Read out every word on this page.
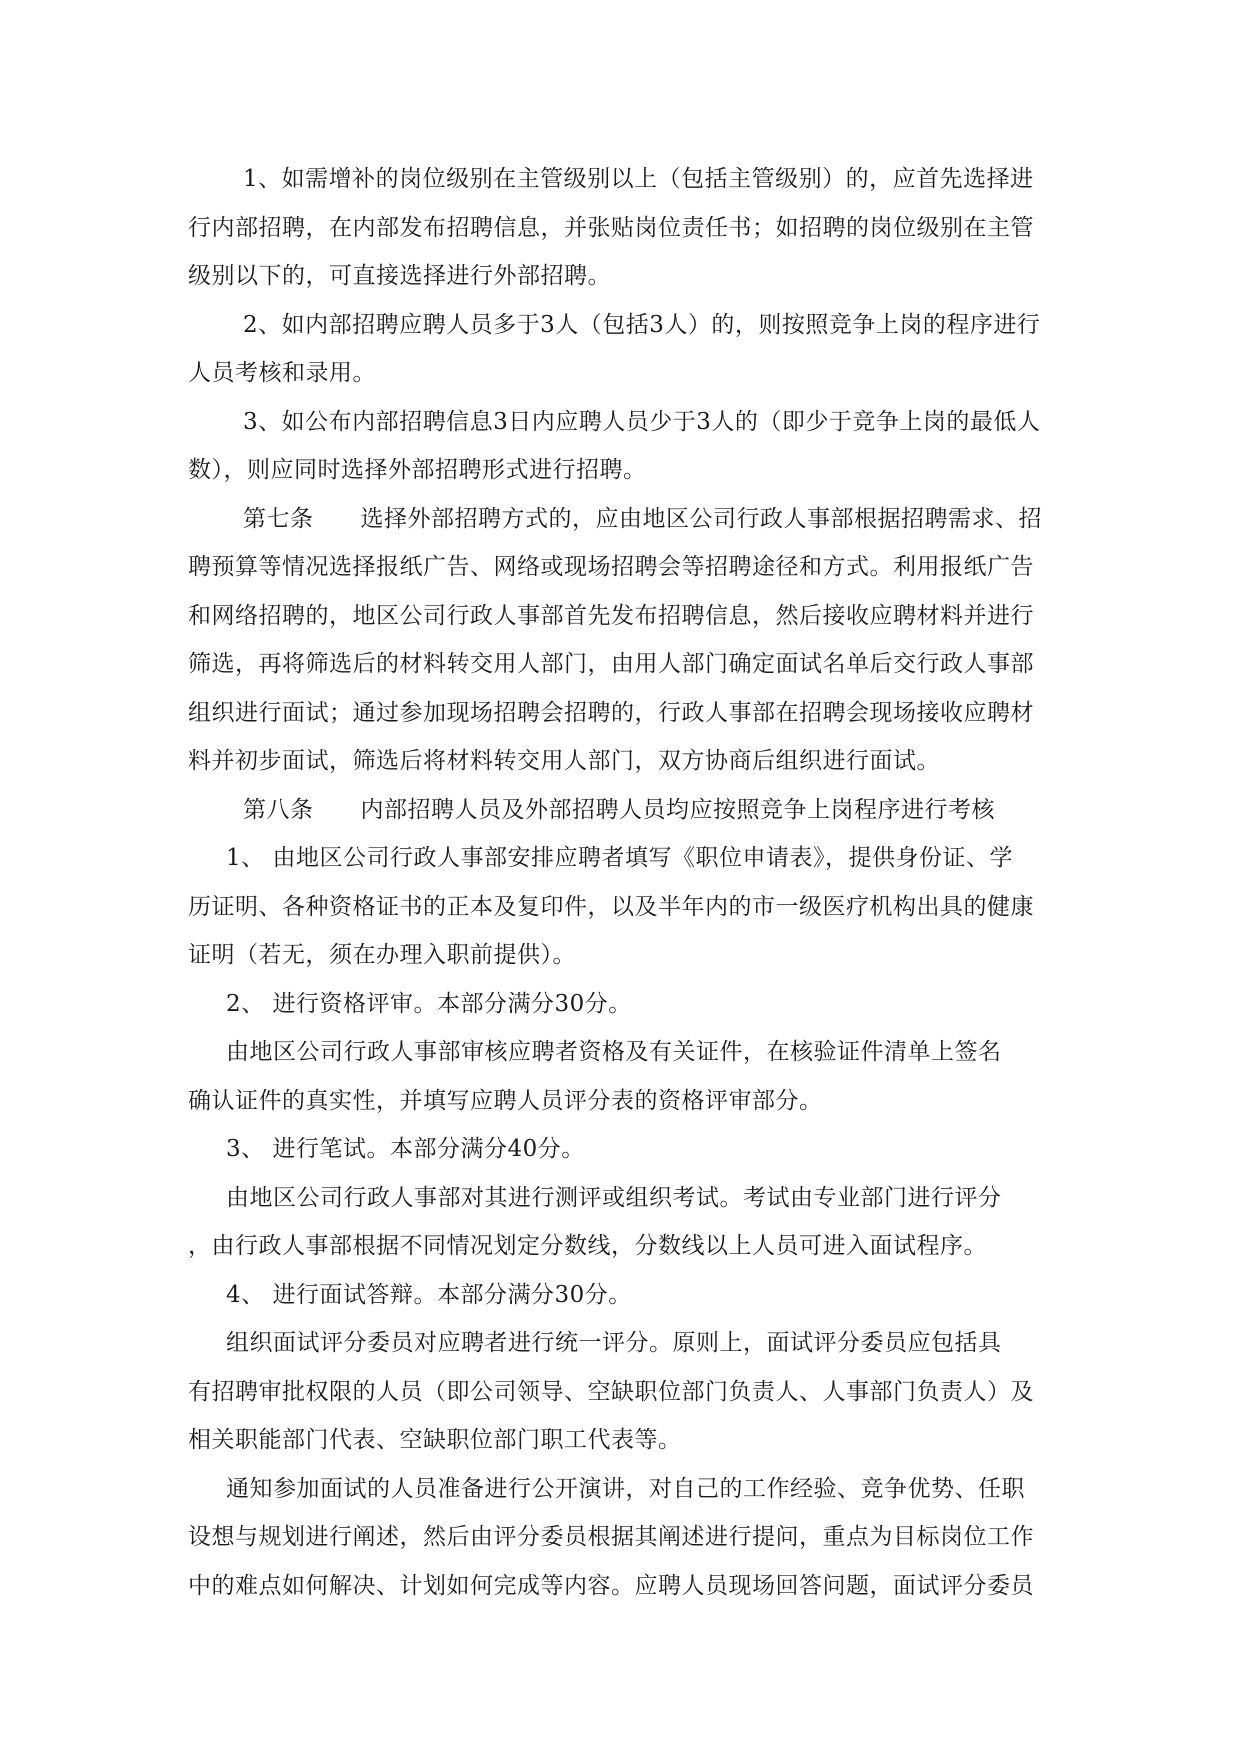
1、如需增补的岗位级别在主管级别以上（包括主管级别）的，应首先选择进

行内部招聘，在内部发布招聘信息，并张贴岗位责任书；如招聘的岗位级别在主管

级别以下的，可直接选择进行外部招聘。

2、如内部招聘应聘人员多于3人（包括3人）的，则按照竞争上岗的程序进行

人员考核和录用。

3、如公布内部招聘信息3日内应聘人员少于3人的（即少于竞争上岗的最低人

数），则应同时选择外部招聘形式进行招聘。

第七条　　选择外部招聘方式的，应由地区公司行政人事部根据招聘需求、招

聘预算等情况选择报纸广告、网络或现场招聘会等招聘途径和方式。利用报纸广告

和网络招聘的，地区公司行政人事部首先发布招聘信息，然后接收应聘材料并进行

筛选，再将筛选后的材料转交用人部门，由用人部门确定面试名单后交行政人事部

组织进行面试；通过参加现场招聘会招聘的，行政人事部在招聘会现场接收应聘材

料并初步面试，筛选后将材料转交用人部门，双方协商后组织进行面试。

第八条　　内部招聘人员及外部招聘人员均应按照竞争上岗程序进行考核

1、 由地区公司行政人事部安排应聘者填写《职位申请表》，提供身份证、学

历证明、各种资格证书的正本及复印件，以及半年内的市一级医疗机构出具的健康

证明（若无，须在办理入职前提供）。

2、 进行资格评审。本部分满分30分。

由地区公司行政人事部审核应聘者资格及有关证件，在核验证件清单上签名

确认证件的真实性，并填写应聘人员评分表的资格评审部分。

3、 进行笔试。本部分满分40分。

由地区公司行政人事部对其进行测评或组织考试。考试由专业部门进行评分

，由行政人事部根据不同情况划定分数线，分数线以上人员可进入面试程序。

4、 进行面试答辩。本部分满分30分。

组织面试评分委员对应聘者进行统一评分。原则上，面试评分委员应包括具

有招聘审批权限的人员（即公司领导、空缺职位部门负责人、人事部门负责人）及

相关职能部门代表、空缺职位部门职工代表等。

通知参加面试的人员准备进行公开演讲，对自己的工作经验、竞争优势、任职

设想与规划进行阐述，然后由评分委员根据其阐述进行提问，重点为目标岗位工作

中的难点如何解决、计划如何完成等内容。应聘人员现场回答问题，面试评分委员
